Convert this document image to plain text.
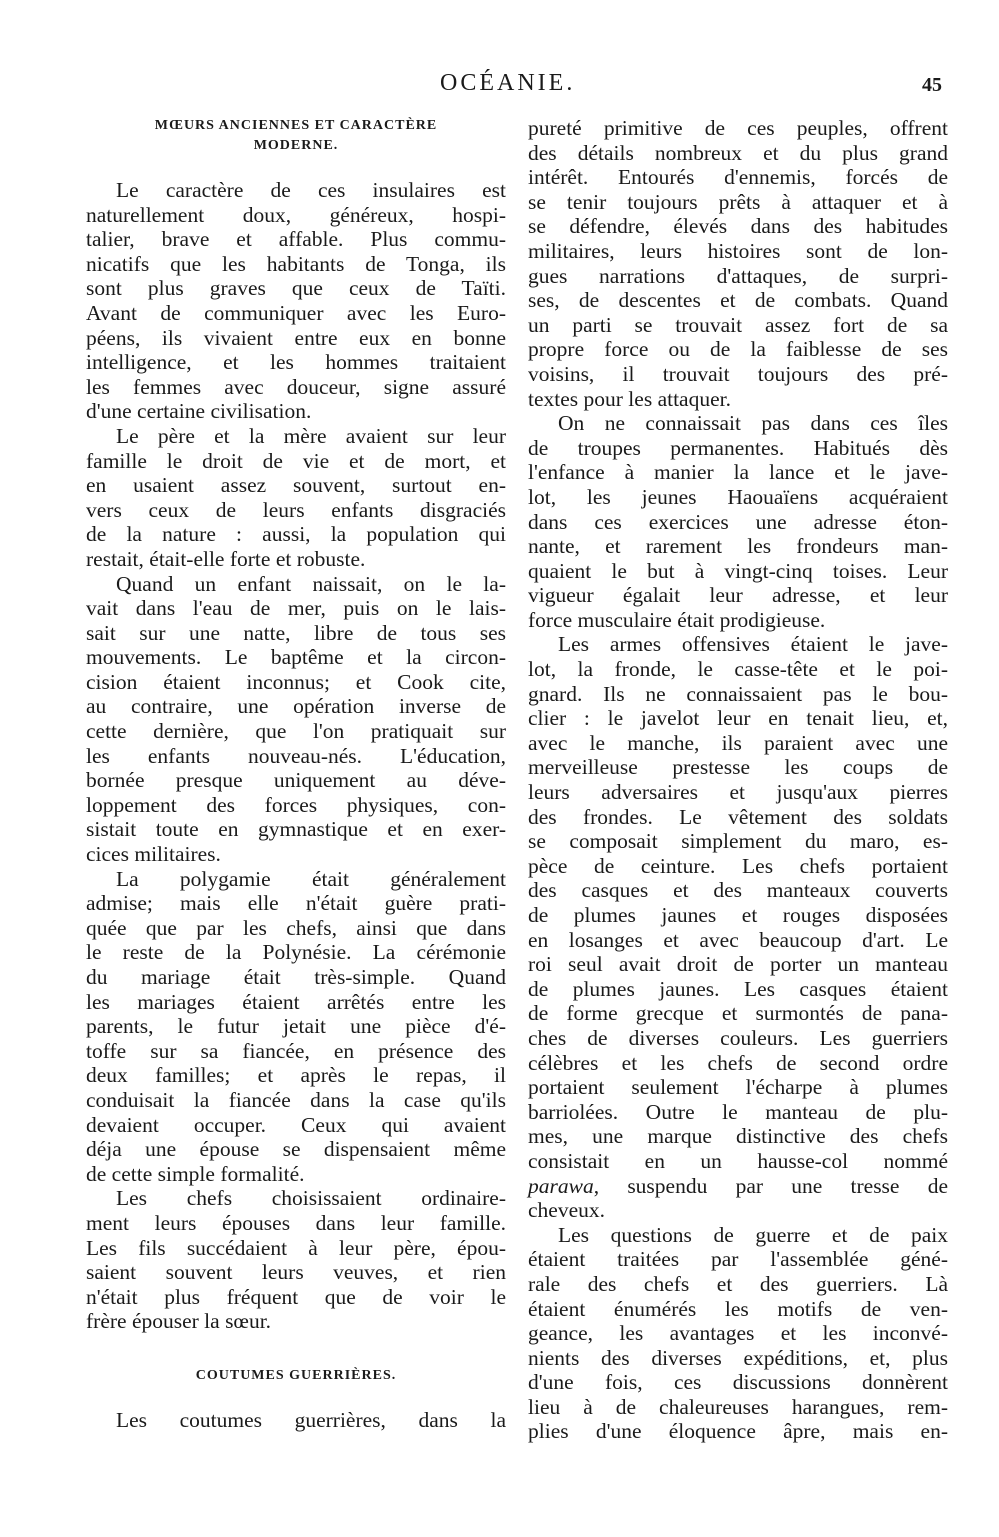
OCÉANIE.	45
MŒURS ANCIENNES ET CARACTÈRE
MODERNE.
Le caractère de ces insulaires est
naturellement doux, généreux, hospi-
talier, brave et affable. Plus commu-
nicatifs que les habitants de Tonga, ils
sont plus graves que ceux de Taïti.
Avant de communiquer avec les Euro-
péens, ils vivaient entre eux en bonne
intelligence, et les hommes traitaient
les femmes avec douceur, signe assuré
d'une certaine civilisation.
Le père et la mère avaient sur leur
famille le droit de vie et de mort, et
en usaient assez souvent, surtout en-
vers ceux de leurs enfants disgraciés
de la nature : aussi, la population qui
restait, était-elle forte et robuste.
Quand un enfant naissait, on le la-
vait dans l'eau de mer, puis on le lais-
sait sur une natte, libre de tous ses
mouvements. Le baptême et la circon-
cision étaient inconnus; et Cook cite,
au contraire, une opération inverse de
cette dernière, que l'on pratiquait sur
les enfants nouveau-nés. L'éducation,
bornée presque uniquement au déve-
loppement des forces physiques, con-
sistait toute en gymnastique et en exer-
cices militaires.
La polygamie était généralement
admise; mais elle n'était guère prati-
quée que par les chefs, ainsi que dans
le reste de la Polynésie. La cérémonie
du mariage était très-simple. Quand
les mariages étaient arrêtés entre les
parents, le futur jetait une pièce d'é-
toffe sur sa fiancée, en présence des
deux familles; et après le repas, il
conduisait la fiancée dans la case qu'ils
devaient occuper. Ceux qui avaient
déja une épouse se dispensaient même
de cette simple formalité.
Les chefs choisissaient ordinaire-
ment leurs épouses dans leur famille.
Les fils succédaient à leur père, épou-
saient souvent leurs veuves, et rien
n'était plus fréquent que de voir le
frère épouser la sœur.
COUTUMES GUERRIÈRES.
Les coutumes guerrières, dans la
pureté primitive de ces peuples, offrent
des détails nombreux et du plus grand
intérêt. Entourés d'ennemis, forcés de
se tenir toujours prêts à attaquer et à
se défendre, élevés dans des habitudes
militaires, leurs histoires sont de lon-
gues narrations d'attaques, de surpri-
ses, de descentes et de combats. Quand
un parti se trouvait assez fort de sa
propre force ou de la faiblesse de ses
voisins, il trouvait toujours des pré-
textes pour les attaquer.
On ne connaissait pas dans ces îles
de troupes permanentes. Habitués dès
l'enfance à manier la lance et le jave-
lot, les jeunes Haouaïens acquéraient
dans ces exercices une adresse éton-
nante, et rarement les frondeurs man-
quaient le but à vingt-cinq toises. Leur
vigueur égalait leur adresse, et leur
force musculaire était prodigieuse.
Les armes offensives étaient le jave-
lot, la fronde, le casse-tête et le poi-
gnard. Ils ne connaissaient pas le bou-
clier : le javelot leur en tenait lieu, et,
avec le manche, ils paraient avec une
merveilleuse prestesse les coups de
leurs adversaires et jusqu'aux pierres
des frondes. Le vêtement des soldats
se composait simplement du maro, es-
pèce de ceinture. Les chefs portaient
des casques et des manteaux couverts
de plumes jaunes et rouges disposées
en losanges et avec beaucoup d'art. Le
roi seul avait droit de porter un manteau
de plumes jaunes. Les casques étaient
de forme grecque et surmontés de pana-
ches de diverses couleurs. Les guerriers
célèbres et les chefs de second ordre
portaient seulement l'écharpe à plumes
barriolées. Outre le manteau de plu-
mes, une marque distinctive des chefs
consistait en un hausse-col nommé
parawa, suspendu par une tresse de
cheveux.
Les questions de guerre et de paix
étaient traitées par l'assemblée géné-
rale des chefs et des guerriers. Là
étaient énumérés les motifs de ven-
geance, les avantages et les inconvé-
nients des diverses expéditions, et, plus
d'une fois, ces discussions donnèrent
lieu à de chaleureuses harangues, rem-
plies d'une éloquence âpre, mais en-
